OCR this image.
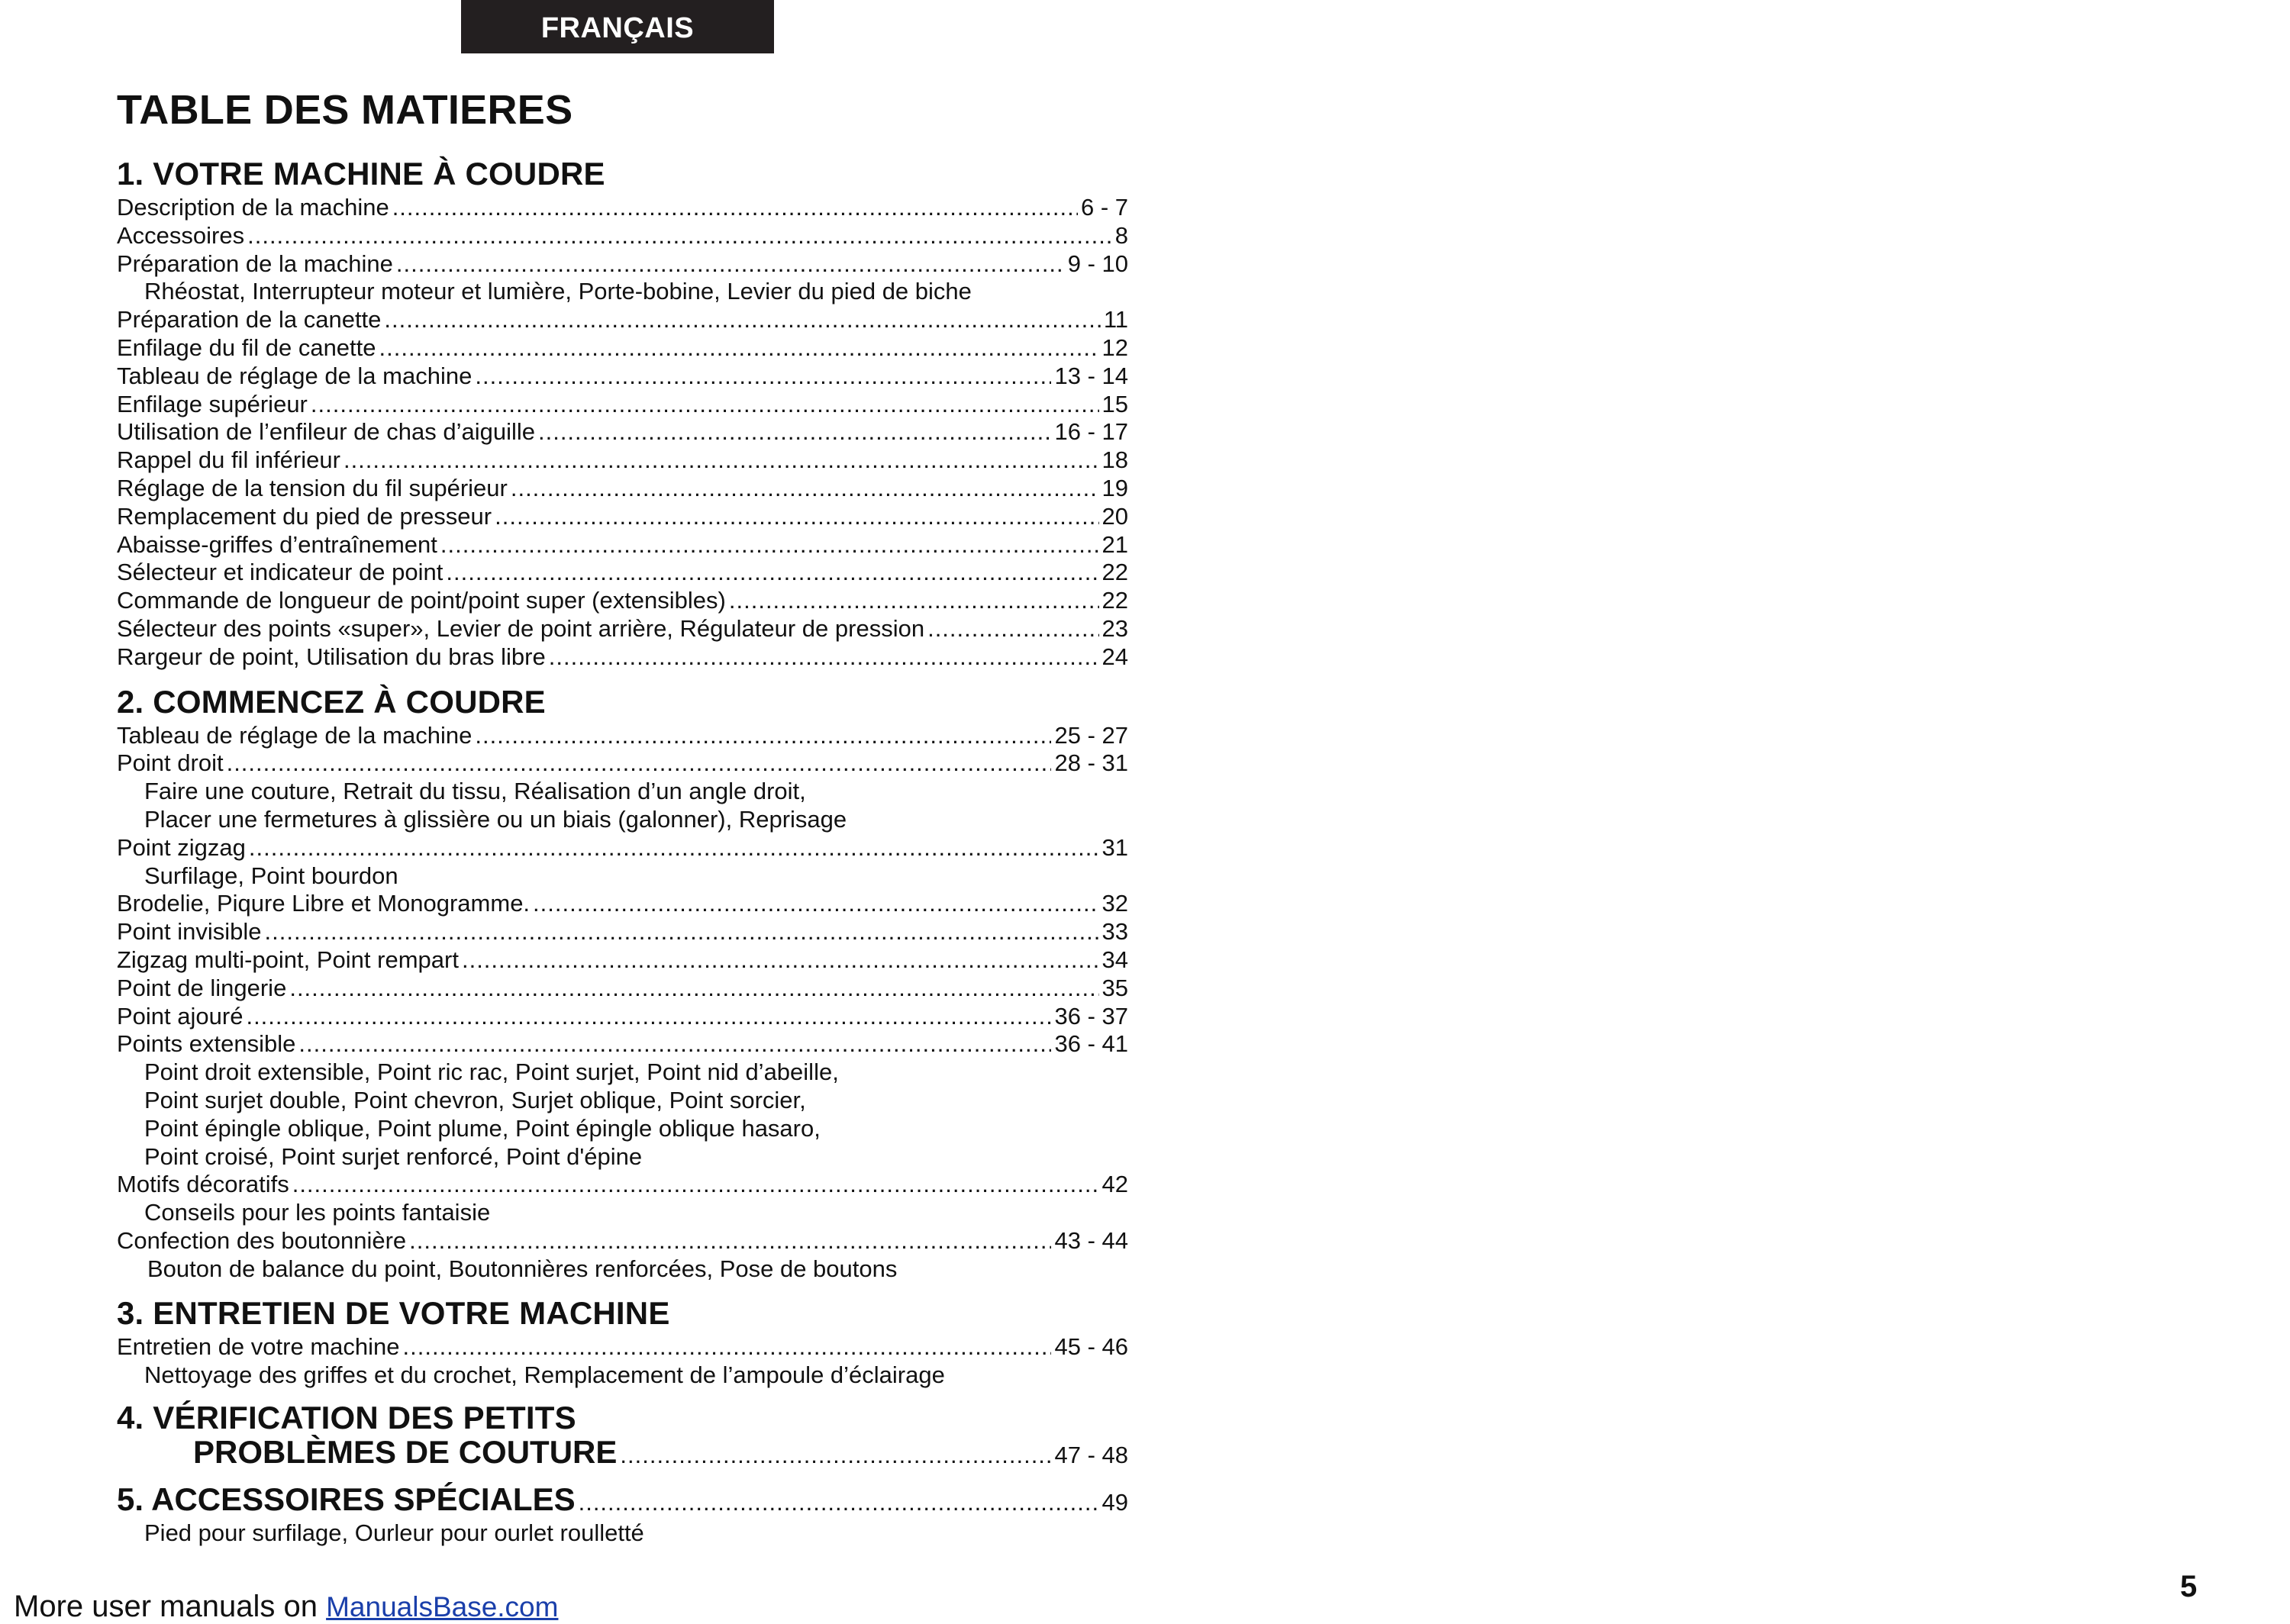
FRANÇAIS
TABLE DES MATIERES
1. VOTRE MACHINE À COUDRE
Description de la machine .....	6 - 7
Accessoires .....	8
Préparation de la machine .....	9 - 10
Rhéostat, Interrupteur moteur et lumière, Porte-bobine, Levier du pied de biche
Préparation de la canette .....	11
Enfilage du fil de canette .....	12
Tableau de réglage de la machine .....	13 - 14
Enfilage supérieur .....	15
Utilisation de l’enfileur de chas d’aiguille .....	16 - 17
Rappel du fil inférieur .....	18
Réglage de la tension du fil supérieur .....	19
Remplacement du pied de presseur .....	20
Abaisse-griffes d’entraînement .....	21
Sélecteur et indicateur de point .....	22
Commande de longueur de point/point super (extensibles) .....	22
Sélecteur des points «super», Levier de point arrière, Régulateur de pression .....	23
Rargeur de point, Utilisation du bras libre .....	24
2. COMMENCEZ À COUDRE
Tableau de réglage de la machine .....	25 - 27
Point droit .....	28 - 31
Faire une couture, Retrait du tissu, Réalisation d’un angle droit,
Placer une fermetures à glissière ou un biais (galonner), Reprisage
Point zigzag .....	31
Surfilage, Point bourdon
Brodelie, Piqure Libre et Monogramme. .....	32
Point invisible .....	33
Zigzag multi-point, Point rempart .....	34
Point de lingerie .....	35
Point ajouré .....	36 - 37
Points extensible .....	36 - 41
Point droit extensible, Point ric rac, Point surjet, Point nid d’abeille,
Point surjet double, Point chevron, Surjet oblique, Point sorcier,
Point épingle oblique, Point plume, Point épingle oblique hasaro,
Point croisé, Point surjet renforcé, Point d'épine
Motifs décoratifs .....	42
Conseils pour les points fantaisie
Confection des boutonnière .....	43 - 44
Bouton de balance du point, Boutonnières renforcées, Pose de boutons
3. ENTRETIEN DE VOTRE MACHINE
Entretien de votre machine .....	45 - 46
Nettoyage des griffes et du crochet, Remplacement de l’ampoule d’éclairage
4. VÉRIFICATION DES PETITS
PROBLÈMES DE COUTURE .....	47 - 48
5. ACCESSOIRES SPÉCIALES .....	49
Pied pour surfilage, Ourleur pour ourlet roulletté
More user manuals on ManualsBase.com
5
